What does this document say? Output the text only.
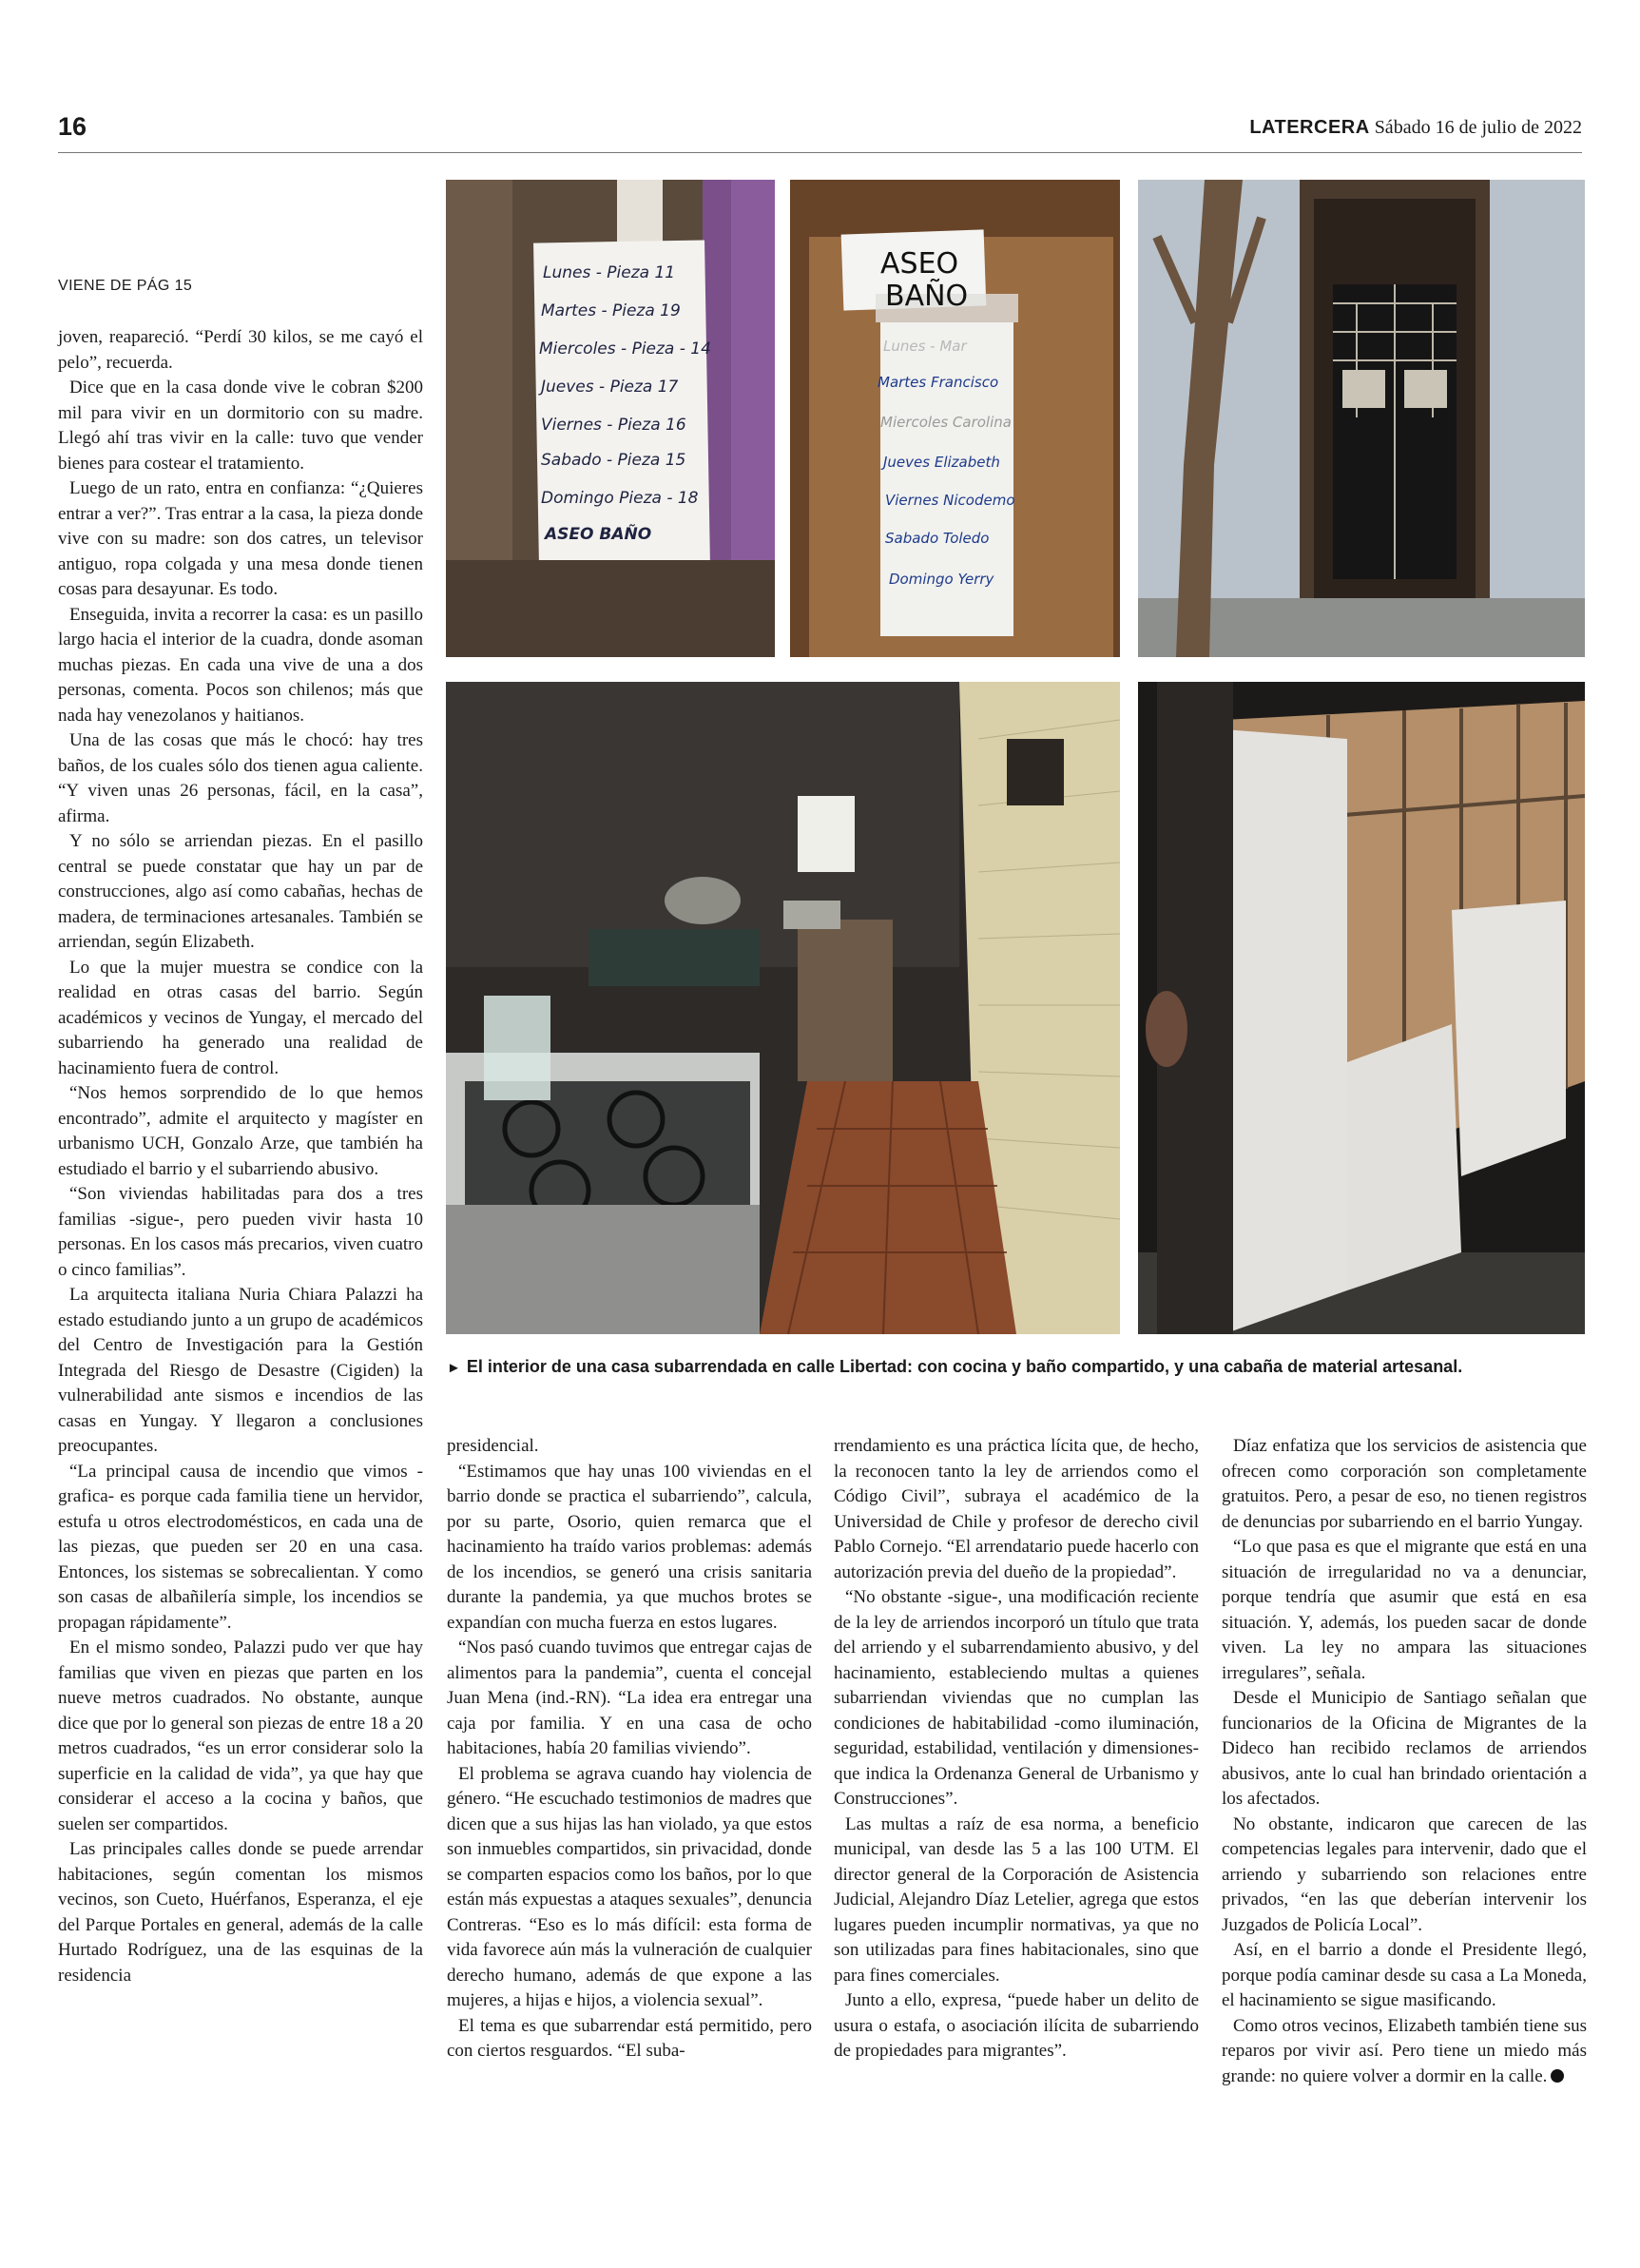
16	LATERCERA Sábado 16 de julio de 2022
VIENE DE PÁG 15
Lunes - Pieza 11
Martes - Pieza 19
Miercoles - Pieza - 14
Jueves - Pieza 17
Viernes - Pieza 16
Sabado - Pieza 15
Domingo Pieza - 18
ASEO BAÑO
ASEO
BAÑO
Lunes - Mar
Martes Francisco
Miercoles Carolina
Jueves Elizabeth
Viernes Nicodemo
Sabado Toledo
Domingo Yerry
► El interior de una casa subarrendada en calle Libertad: con cocina y baño compartido, y una cabaña de material artesanal.

joven, reapareció. “Perdí 30 kilos, se me cayó el pelo”, recuerda.

Dice que en la casa donde vive le cobran $200 mil para vivir en un dormitorio con su madre. Llegó ahí tras vivir en la calle: tuvo que vender bienes para costear el tratamiento.

Luego de un rato, entra en confianza: “¿Quieres entrar a ver?”. Tras entrar a la casa, la pieza donde vive con su madre: son dos catres, un televisor antiguo, ropa colgada y una mesa donde tienen cosas para desayunar. Es todo.

Enseguida, invita a recorrer la casa: es un pasillo largo hacia el interior de la cuadra, donde asoman muchas piezas. En cada una vive de una a dos personas, comenta. Pocos son chilenos; más que nada hay venezolanos y haitianos.

Una de las cosas que más le chocó: hay tres baños, de los cuales sólo dos tienen agua caliente. “Y viven unas 26 personas, fácil, en la casa”, afirma.

Y no sólo se arriendan piezas. En el pasillo central se puede constatar que hay un par de construcciones, algo así como cabañas, hechas de madera, de terminaciones artesanales. También se arriendan, según Elizabeth.

Lo que la mujer muestra se condice con la realidad en otras casas del barrio. Según académicos y vecinos de Yungay, el mercado del subarriendo ha generado una realidad de hacinamiento fuera de control.

“Nos hemos sorprendido de lo que hemos encontrado”, admite el arquitecto y magíster en urbanismo UCH, Gonzalo Arze, que también ha estudiado el barrio y el subarriendo abusivo.

“Son viviendas habilitadas para dos a tres familias -sigue-, pero pueden vivir hasta 10 personas. En los casos más precarios, viven cuatro o cinco familias”.

La arquitecta italiana Nuria Chiara Palazzi ha estado estudiando junto a un grupo de académicos del Centro de Investigación para la Gestión Integrada del Riesgo de Desastre (Cigiden) la vulnerabilidad ante sismos e incendios de las casas en Yungay. Y llegaron a conclusiones preocupantes.

“La principal causa de incendio que vimos -grafica- es porque cada familia tiene un hervidor, estufa u otros electrodomésticos, en cada una de las piezas, que pueden ser 20 en una casa. Entonces, los sistemas se sobrecalientan. Y como son casas de albañilería simple, los incendios se propagan rápidamente”.

En el mismo sondeo, Palazzi pudo ver que hay familias que viven en piezas que parten en los nueve metros cuadrados. No obstante, aunque dice que por lo general son piezas de entre 18 a 20 metros cuadrados, “es un error considerar solo la superficie en la calidad de vida”, ya que hay que considerar el acceso a la cocina y baños, que suelen ser compartidos.

Las principales calles donde se puede arrendar habitaciones, según comentan los mismos vecinos, son Cueto, Huérfanos, Esperanza, el eje del Parque Portales en general, además de la calle Hurtado Rodríguez, una de las esquinas de la residencia

presidencial.

“Estimamos que hay unas 100 viviendas en el barrio donde se practica el subarriendo”, calcula, por su parte, Osorio, quien remarca que el hacinamiento ha traído varios problemas: además de los incendios, se generó una crisis sanitaria durante la pandemia, ya que muchos brotes se expandían con mucha fuerza en estos lugares.

“Nos pasó cuando tuvimos que entregar cajas de alimentos para la pandemia”, cuenta el concejal Juan Mena (ind.-RN). “La idea era entregar una caja por familia. Y en una casa de ocho habitaciones, había 20 familias viviendo”.

El problema se agrava cuando hay violencia de género. “He escuchado testimonios de madres que dicen que a sus hijas las han violado, ya que estos son inmuebles compartidos, sin privacidad, donde se comparten espacios como los baños, por lo que están más expuestas a ataques sexuales”, denuncia Contreras. “Eso es lo más difícil: esta forma de vida favorece aún más la vulneración de cualquier derecho humano, además de que expone a las mujeres, a hijas e hijos, a violencia sexual”.

El tema es que subarrendar está permitido, pero con ciertos resguardos. “El suba-

rrendamiento es una práctica lícita que, de hecho, la reconocen tanto la ley de arriendos como el Código Civil”, subraya el académico de la Universidad de Chile y profesor de derecho civil Pablo Cornejo. “El arrendatario puede hacerlo con autorización previa del dueño de la propiedad”.

“No obstante -sigue-, una modificación reciente de la ley de arriendos incorporó un título que trata del arriendo y el subarrendamiento abusivo, y del hacinamiento, estableciendo multas a quienes subarriendan viviendas que no cumplan las condiciones de habitabilidad -como iluminación, seguridad, estabilidad, ventilación y dimensiones- que indica la Ordenanza General de Urbanismo y Construcciones”.

Las multas a raíz de esa norma, a beneficio municipal, van desde las 5 a las 100 UTM. El director general de la Corporación de Asistencia Judicial, Alejandro Díaz Letelier, agrega que estos lugares pueden incumplir normativas, ya que no son utilizadas para fines habitacionales, sino que para fines comerciales.

Junto a ello, expresa, “puede haber un delito de usura o estafa, o asociación ilícita de subarriendo de propiedades para migrantes”.

Díaz enfatiza que los servicios de asistencia que ofrecen como corporación son completamente gratuitos. Pero, a pesar de eso, no tienen registros de denuncias por subarriendo en el barrio Yungay.

“Lo que pasa es que el migrante que está en una situación de irregularidad no va a denunciar, porque tendría que asumir que está en esa situación. Y, además, los pueden sacar de donde viven. La ley no ampara las situaciones irregulares”, señala.

Desde el Municipio de Santiago señalan que funcionarios de la Oficina de Migrantes de la Dideco han recibido reclamos de arriendos abusivos, ante lo cual han brindado orientación a los afectados.

No obstante, indicaron que carecen de las competencias legales para intervenir, dado que el arriendo y subarriendo son relaciones entre privados, “en las que deberían intervenir los Juzgados de Policía Local”.

Así, en el barrio a donde el Presidente llegó, porque podía caminar desde su casa a La Moneda, el hacinamiento se sigue masificando.

Como otros vecinos, Elizabeth también tiene sus reparos por vivir así. Pero tiene un miedo más grande: no quiere volver a dormir en la calle.
